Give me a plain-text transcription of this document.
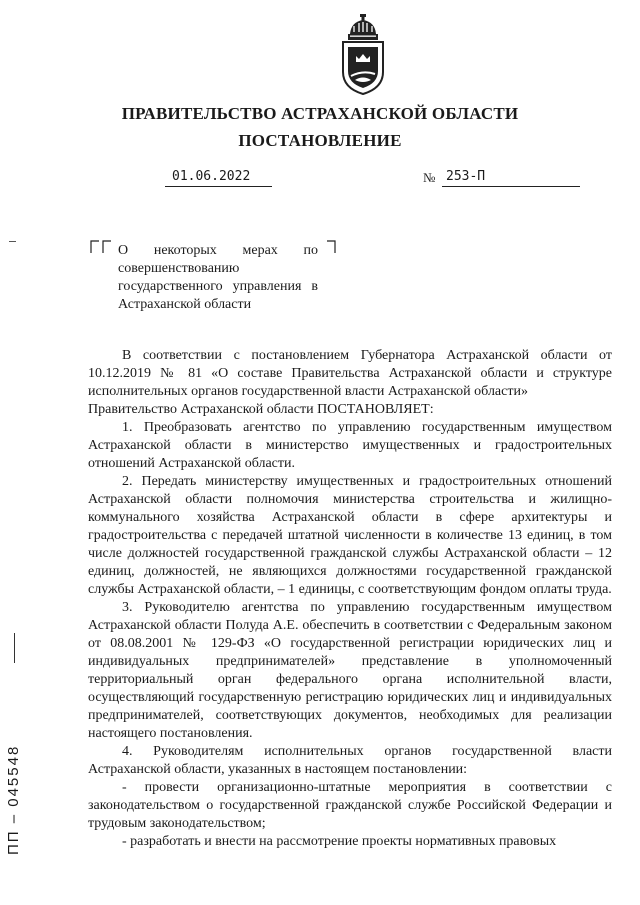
ПРАВИТЕЛЬСТВО АСТРАХАНСКОЙ ОБЛАСТИ
ПОСТАНОВЛЕНИЕ
01.06.2022	№ 253-П
О некоторых мерах по совершенствованию государственного управления в Астраханской области

В соответствии с постановлением Губернатора Астраханской области от 10.12.2019 № 81 «О составе Правительства Астраханской области и структуре исполнительных органов государственной власти Астраханской области»

Правительство Астраханской области ПОСТАНОВЛЯЕТ:

1. Преобразовать агентство по управлению государственным имуществом Астраханской области в министерство имущественных и градостроительных отношений Астраханской области.

2. Передать министерству имущественных и градостроительных отношений Астраханской области полномочия министерства строительства и жилищно-коммунального хозяйства Астраханской области в сфере архитектуры и градостроительства с передачей штатной численности в количестве 13 единиц, в том числе должностей государственной гражданской службы Астраханской области – 12 единиц, должностей, не являющихся должностями государственной гражданской службы Астраханской области, – 1 единицы, с соответствующим фондом оплаты труда.

3. Руководителю агентства по управлению государственным имуществом Астраханской области Полуда А.Е. обеспечить в соответствии с Федеральным законом от 08.08.2001 № 129-ФЗ «О государственной регистрации юридических лиц и индивидуальных предпринимателей» представление в уполномоченный территориальный орган федерального органа исполнительной власти, осуществляющий государственную регистрацию юридических лиц и индивидуальных предпринимателей, соответствующих документов, необходимых для реализации настоящего постановления.

4. Руководителям исполнительных органов государственной власти Астраханской области, указанных в настоящем постановлении:

- провести организационно-штатные мероприятия в соответствии с законодательством о государственной гражданской службе Российской Федерации и трудовым законодательством;

- разработать и внести на рассмотрение проекты нормативных правовых

ПП – 045548
